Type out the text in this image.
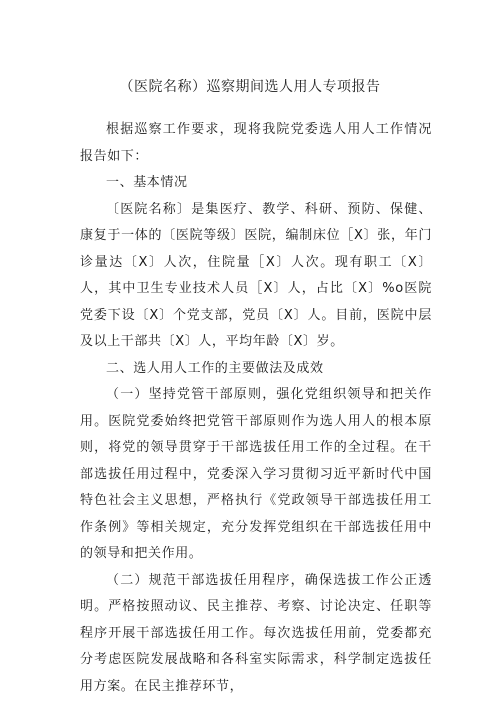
（医院名称）巡察期间选人用人专项报告

根据巡察工作要求，现将我院党委选人用人工作情况报告如下：

一、基本情况

〔医院名称〕是集医疗、教学、科研、预防、保健、康复于一体的〔医院等级〕医院，编制床位［X〕张，年门诊量达〔X〕人次，住院量［X〕人次。现有职工〔X〕人，其中卫生专业技术人员［X〕人，占比〔X〕%o医院党委下设〔X〕个党支部，党员〔X〕人。目前，医院中层及以上干部共〔X〕人，平均年龄〔X〕岁。

二、选人用人工作的主要做法及成效

（一）坚持党管干部原则，强化党组织领导和把关作用。医院党委始终把党管干部原则作为选人用人的根本原则，将党的领导贯穿于干部选拔任用工作的全过程。在干部选拔任用过程中，党委深入学习贯彻习近平新时代中国特色社会主义思想，严格执行《党政领导干部选拔任用工作条例》等相关规定，充分发挥党组织在干部选拔任用中的领导和把关作用。

（二）规范干部选拔任用程序，确保选拔工作公正透明。严格按照动议、民主推荐、考察、讨论决定、任职等程序开展干部选拔任用工作。每次选拔任用前，党委都充分考虑医院发展战略和各科室实际需求，科学制定选拔任用方案。在民主推荐环节，
